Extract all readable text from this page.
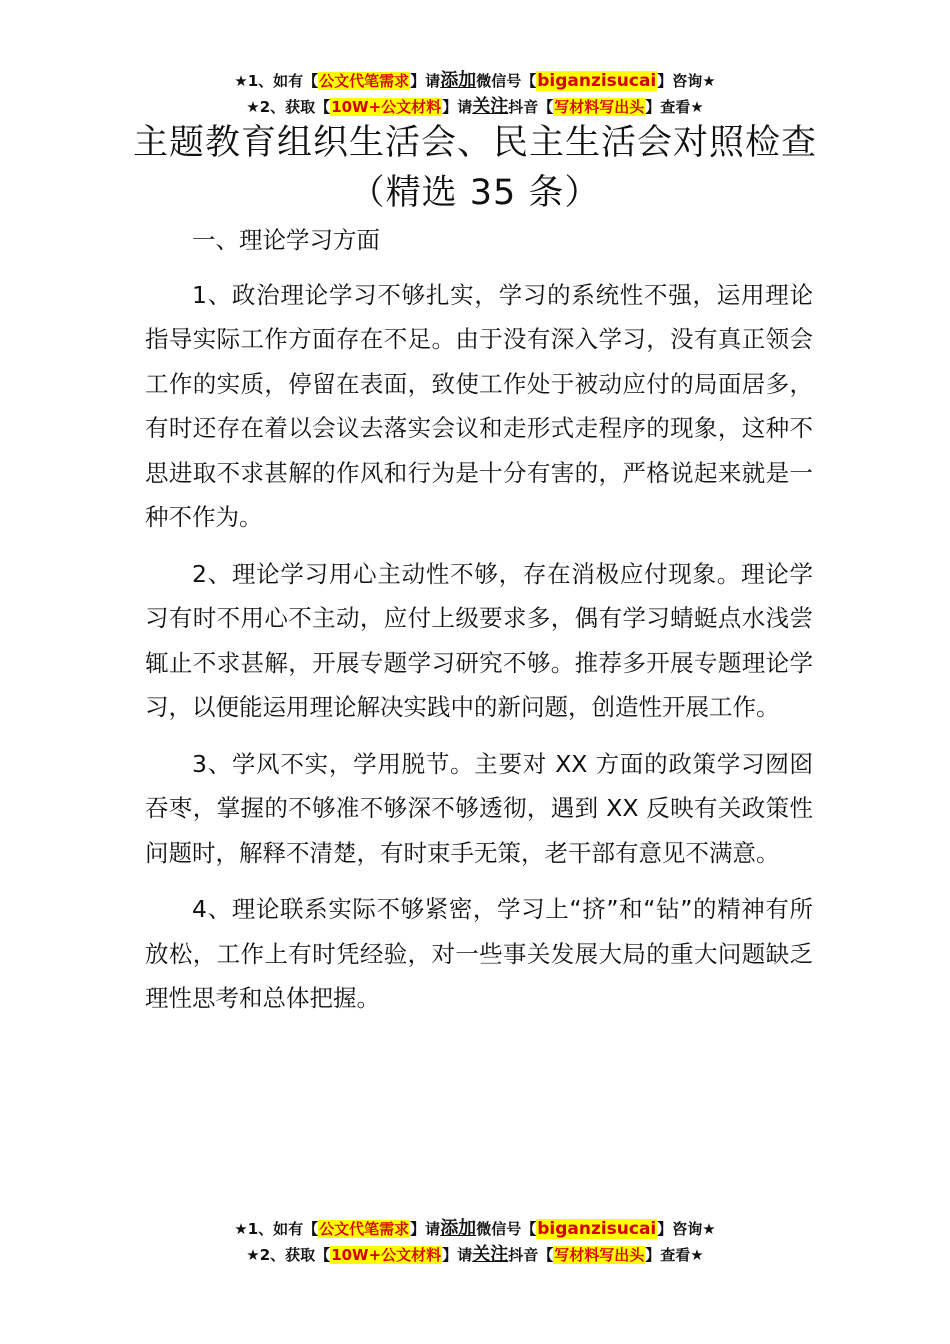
★1、如有【公文代笔需求】请添加微信号【biganzisucai】咨询★
★2、获取【10W+公文材料】请关注抖音【写材料写出头】查看★
主题教育组织生活会、民主生活会对照检查
（精选 35 条）

一、理论学习方面

1、政治理论学习不够扎实，学习的系统性不强，运用理论指导实际工作方面存在不足。由于没有深入学习，没有真正领会工作的实质，停留在表面，致使工作处于被动应付的局面居多，有时还存在着以会议去落实会议和走形式走程序的现象，这种不思进取不求甚解的作风和行为是十分有害的，严格说起来就是一种不作为。

2、理论学习用心主动性不够，存在消极应付现象。理论学习有时不用心不主动，应付上级要求多，偶有学习蜻蜓点水浅尝辄止不求甚解，开展专题学习研究不够。推荐多开展专题理论学习，以便能运用理论解决实践中的新问题，创造性开展工作。

3、学风不实，学用脱节。主要对 XX 方面的政策学习囫囵吞枣，掌握的不够准不够深不够透彻，遇到 XX 反映有关政策性问题时，解释不清楚，有时束手无策，老干部有意见不满意。

4、理论联系实际不够紧密，学习上“挤”和“钻”的精神有所放松，工作上有时凭经验，对一些事关发展大局的重大问题缺乏理性思考和总体把握。

★1、如有【公文代笔需求】请添加微信号【biganzisucai】咨询★
★2、获取【10W+公文材料】请关注抖音【写材料写出头】查看★
